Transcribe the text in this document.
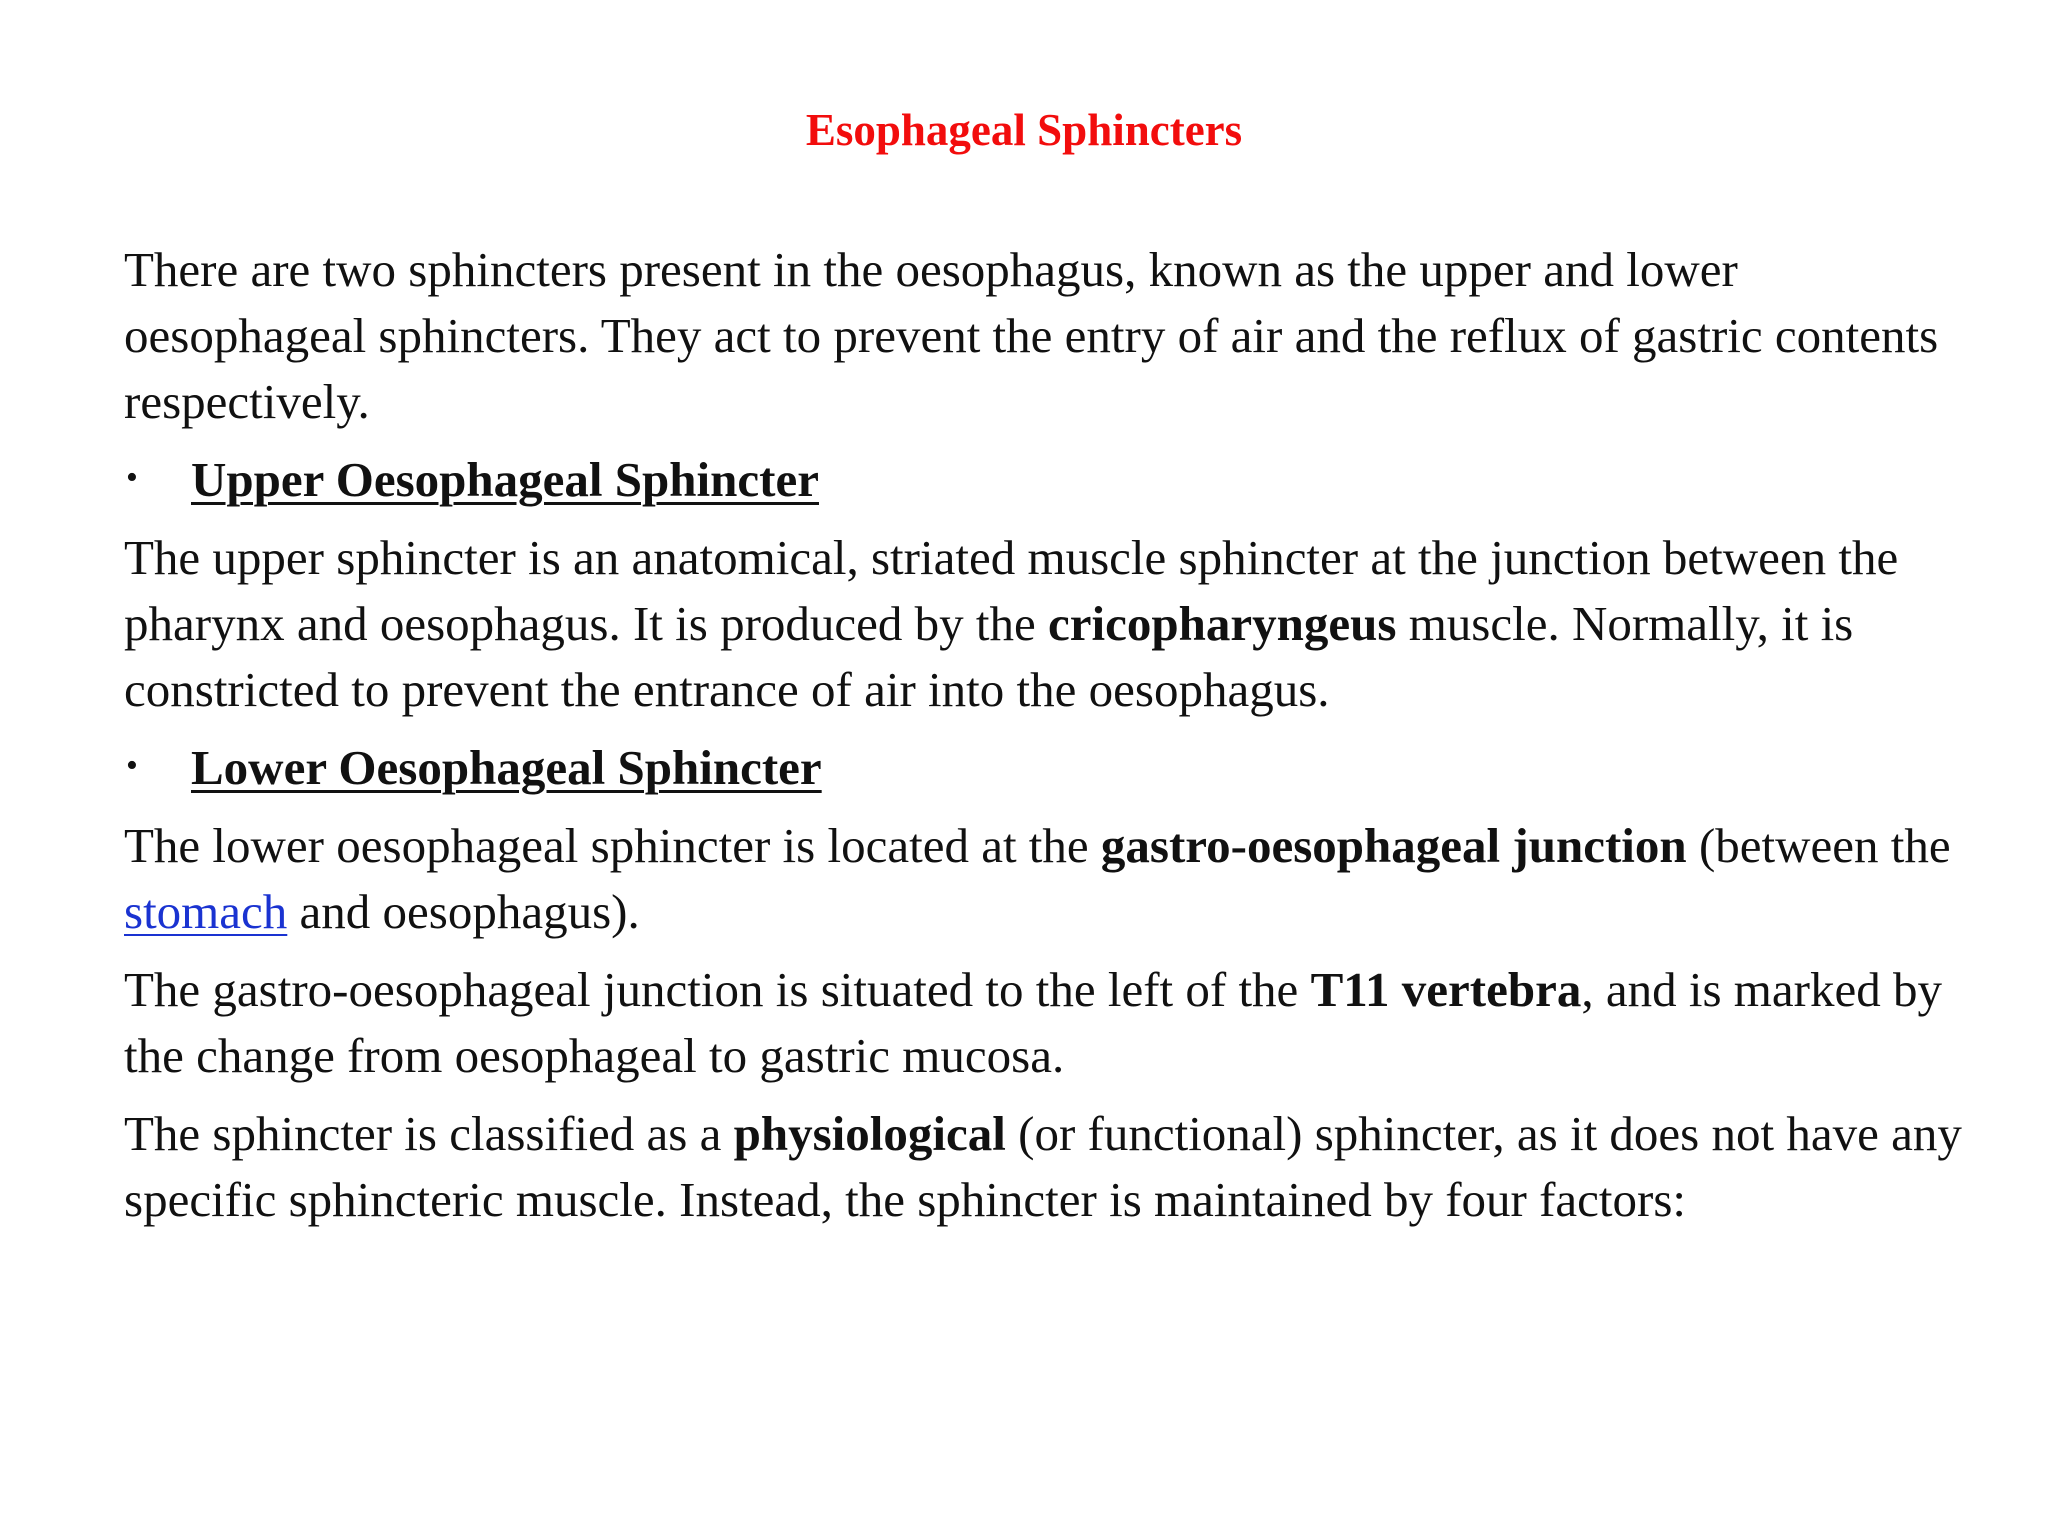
Esophageal Sphincters

There are two sphincters present in the oesophagus, known as the upper and lower oesophageal sphincters. They act to prevent the entry of air and the reflux of gastric contents respectively.

• Upper Oesophageal Sphincter

The upper sphincter is an anatomical, striated muscle sphincter at the junction between the pharynx and oesophagus. It is produced by the cricopharyngeus muscle. Normally, it is constricted to prevent the entrance of air into the oesophagus.

• Lower Oesophageal Sphincter

The lower oesophageal sphincter is located at the gastro-oesophageal junction (between the stomach and oesophagus).

The gastro-oesophageal junction is situated to the left of the T11 vertebra, and is marked by the change from oesophageal to gastric mucosa.

The sphincter is classified as a physiological (or functional) sphincter, as it does not have any specific sphincteric muscle. Instead, the sphincter is maintained by four factors:
